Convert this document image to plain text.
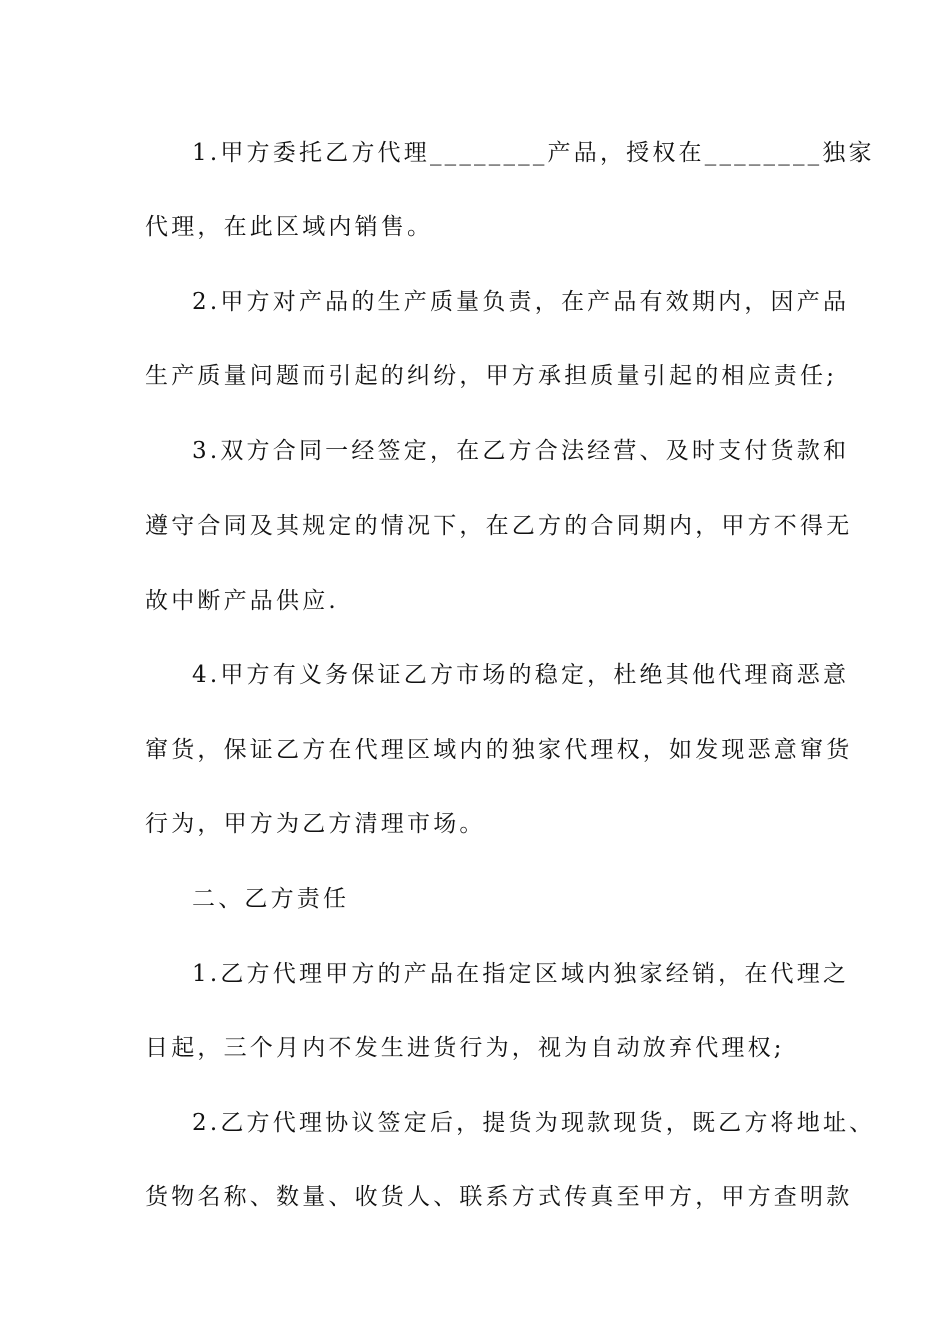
1.甲方委托乙方代理________产品，授权在________独家
代理，在此区域内销售。
2.甲方对产品的生产质量负责，在产品有效期内，因产品
生产质量问题而引起的纠纷，甲方承担质量引起的相应责任;
3.双方合同一经签定，在乙方合法经营、及时支付货款和
遵守合同及其规定的情况下，在乙方的合同期内，甲方不得无
故中断产品供应.
4.甲方有义务保证乙方市场的稳定，杜绝其他代理商恶意
窜货，保证乙方在代理区域内的独家代理权，如发现恶意窜货
行为，甲方为乙方清理市场。
二、乙方责任
1.乙方代理甲方的产品在指定区域内独家经销，在代理之
日起，三个月内不发生进货行为，视为自动放弃代理权;
2.乙方代理协议签定后，提货为现款现货，既乙方将地址、
货物名称、数量、收货人、联系方式传真至甲方，甲方查明款
